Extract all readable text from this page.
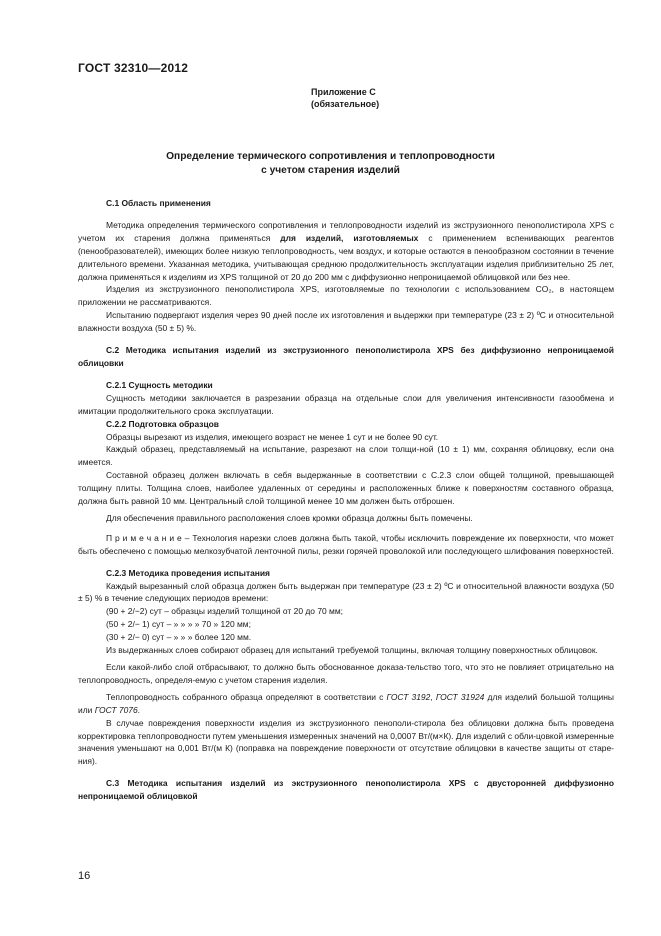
ГОСТ 32310—2012
Приложение С
(обязательное)
Определение термического сопротивления и теплопроводности
с учетом старения изделий

С.1 Область применения

Методика определения термического сопротивления и теплопроводности изделий из экструзионного пенополистирола XPS с учетом их старения должна применяться для изделий, изготовляемых с применением вспенивающих реагентов (пенообразователей), имеющих более низкую теплопроводность, чем воздух, и которые остаются в пенообразном состоянии в течение длительного времени. Указанная методика, учитывающая среднюю продолжительность эксплуатации изделия приблизительно 25 лет, должна применяться к изделиям из XPS толщиной от 20 до 200 мм с диффузионно непроницаемой облицовкой или без нее.

Изделия из экструзионного пенополистирола XPS, изготовляемые по технологии с использованием CO₂, в настоящем приложении не рассматриваются.

Испытанию подвергают изделия через 90 дней после их изготовления и выдержки при температуре (23 ± 2) ºС и относительной влажности воздуха (50 ± 5) %.

С.2 Методика испытания изделий из экструзионного пенополистирола XPS без диффузионно непроницаемой облицовки

С.2.1 Сущность методики

Сущность методики заключается в разрезании образца на отдельные слои для увеличения интенсивности газообмена и имитации продолжительного срока эксплуатации.

С.2.2 Подготовка образцов

Образцы вырезают из изделия, имеющего возраст не менее 1 сут и не более 90 сут.

Каждый образец, представляемый на испытание, разрезают на слои толщи-ной (10 ± 1) мм, сохраняя облицовку, если она имеется.

Составной образец должен включать в себя выдержанные в соответствии с С.2.3 слои общей толщиной, превышающей толщину плиты. Толщина слоев, наиболее удаленных от середины и расположенных ближе к поверхностям составного образца, должна быть равной 10 мм. Центральный слой толщиной менее 10 мм должен быть отброшен.

Для обеспечения правильного расположения слоев кромки образца должны быть помечены.

П р и м е ч а н и е – Технология нарезки слоев должна быть такой, чтобы исключить повреждение их поверхности, что может быть обеспечено с помощью мелкозубчатой ленточной пилы, резки горячей проволокой или последующего шлифования поверхностей.

С.2.3 Методика проведения испытания

Каждый вырезанный слой образца должен быть выдержан при температуре (23 ± 2) ºС и относительной влажности воздуха (50 ± 5) % в течение следующих периодов времени:

(90 + 2/−2) сут – образцы изделий толщиной от 20 до 70 мм;

(50 + 2/− 1) сут – » » » » 70 » 120 мм;

(30 + 2/− 0) сут – » » » более 120 мм.

Из выдержанных слоев собирают образец для испытаний требуемой толщины, включая толщину поверхностных облицовок.

Если какой-либо слой отбрасывают, то должно быть обоснованное доказа-тельство того, что это не повлияет отрицательно на теплопроводность, определя-емую с учетом старения изделия.

Теплопроводность собранного образца определяют в соответствии с ГОСТ 3192, ГОСТ 31924 для изделий большой толщины или ГОСТ 7076.

В случае повреждения поверхности изделия из экструзионного пенополи-стирола без облицовки должна быть проведена корректировка теплопроводности путем уменьшения измеренных значений на 0,0007 Вт/(м×К). Для изделий с обли-цовкой измеренные значения уменьшают на 0,001 Вт/(м К) (поправка на повреждение поверхности от отсутствие облицовки в качестве защиты от старе-ния).

С.3 Методика испытания изделий из экструзионного пенополистирола XPS с двусторонней диффузионно непроницаемой облицовкой

16
